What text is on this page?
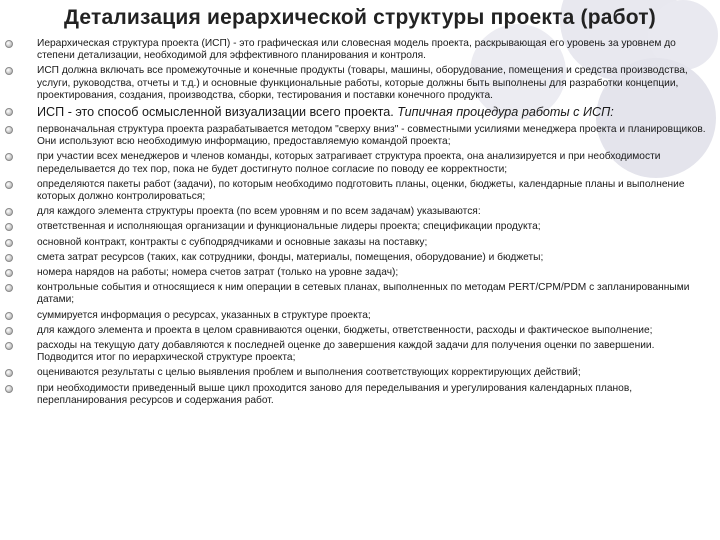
Детализация иерархической структуры проекта (работ)
Иерархическая структура проекта (ИСП) - это графическая или словесная модель проекта, раскрывающая его уровень за уровнем до степени детализации, необходимой для эффективного планирования и контроля.
ИСП должна включать все промежуточные и конечные продукты (товары, машины, оборудование, помещения и средства производства, услуги, руководства, отчеты и т.д.) и основные функциональные работы, которые должны быть выполнены для разработки концепции, проектирования, создания, производства, сборки, тестирования и поставки конечного продукта.
ИСП - это способ осмысленной визуализации всего проекта. Типичная процедура работы с ИСП:
первоначальная структура проекта разрабатывается методом "сверху вниз" - совместными усилиями менеджера проекта и планировщиков. Они используют всю необходимую информацию, предоставляемую командой проекта;
при участии всех менеджеров и членов команды, которых затрагивает структура проекта, она анализируется и при необходимости переделывается до тех пор, пока не будет достигнуто полное согласие по поводу ее корректности;
определяются пакеты работ (задачи), по которым необходимо подготовить планы, оценки, бюджеты, календарные планы и выполнение которых должно контролироваться;
для каждого элемента структуры проекта (по всем уровням и по всем задачам) указываются:
ответственная и исполняющая организации и функциональные лидеры проекта; спецификации продукта;
основной контракт, контракты с субподрядчиками и основные заказы на поставку;
смета затрат ресурсов (таких, как сотрудники, фонды, материалы, помещения, оборудование) и бюджеты;
номера нарядов на работы; номера счетов затрат (только на уровне задач);
контрольные события и относящиеся к ним операции в сетевых планах, выполненных по методам PERT/CPM/PDM с запланированными датами;
суммируется информация о ресурсах, указанных в структуре проекта;
для каждого элемента и проекта в целом сравниваются оценки, бюджеты, ответственности, расходы и фактическое выполнение;
расходы на текущую дату добавляются к последней оценке до завершения каждой задачи для получения оценки по завершении. Подводится итог по иерархической структуре проекта;
оцениваются результаты с целью выявления проблем и выполнения соответствующих корректирующих действий;
при необходимости приведенный выше цикл проходится заново для переделывания и урегулирования календарных планов, перепланирования ресурсов и содержания работ.
